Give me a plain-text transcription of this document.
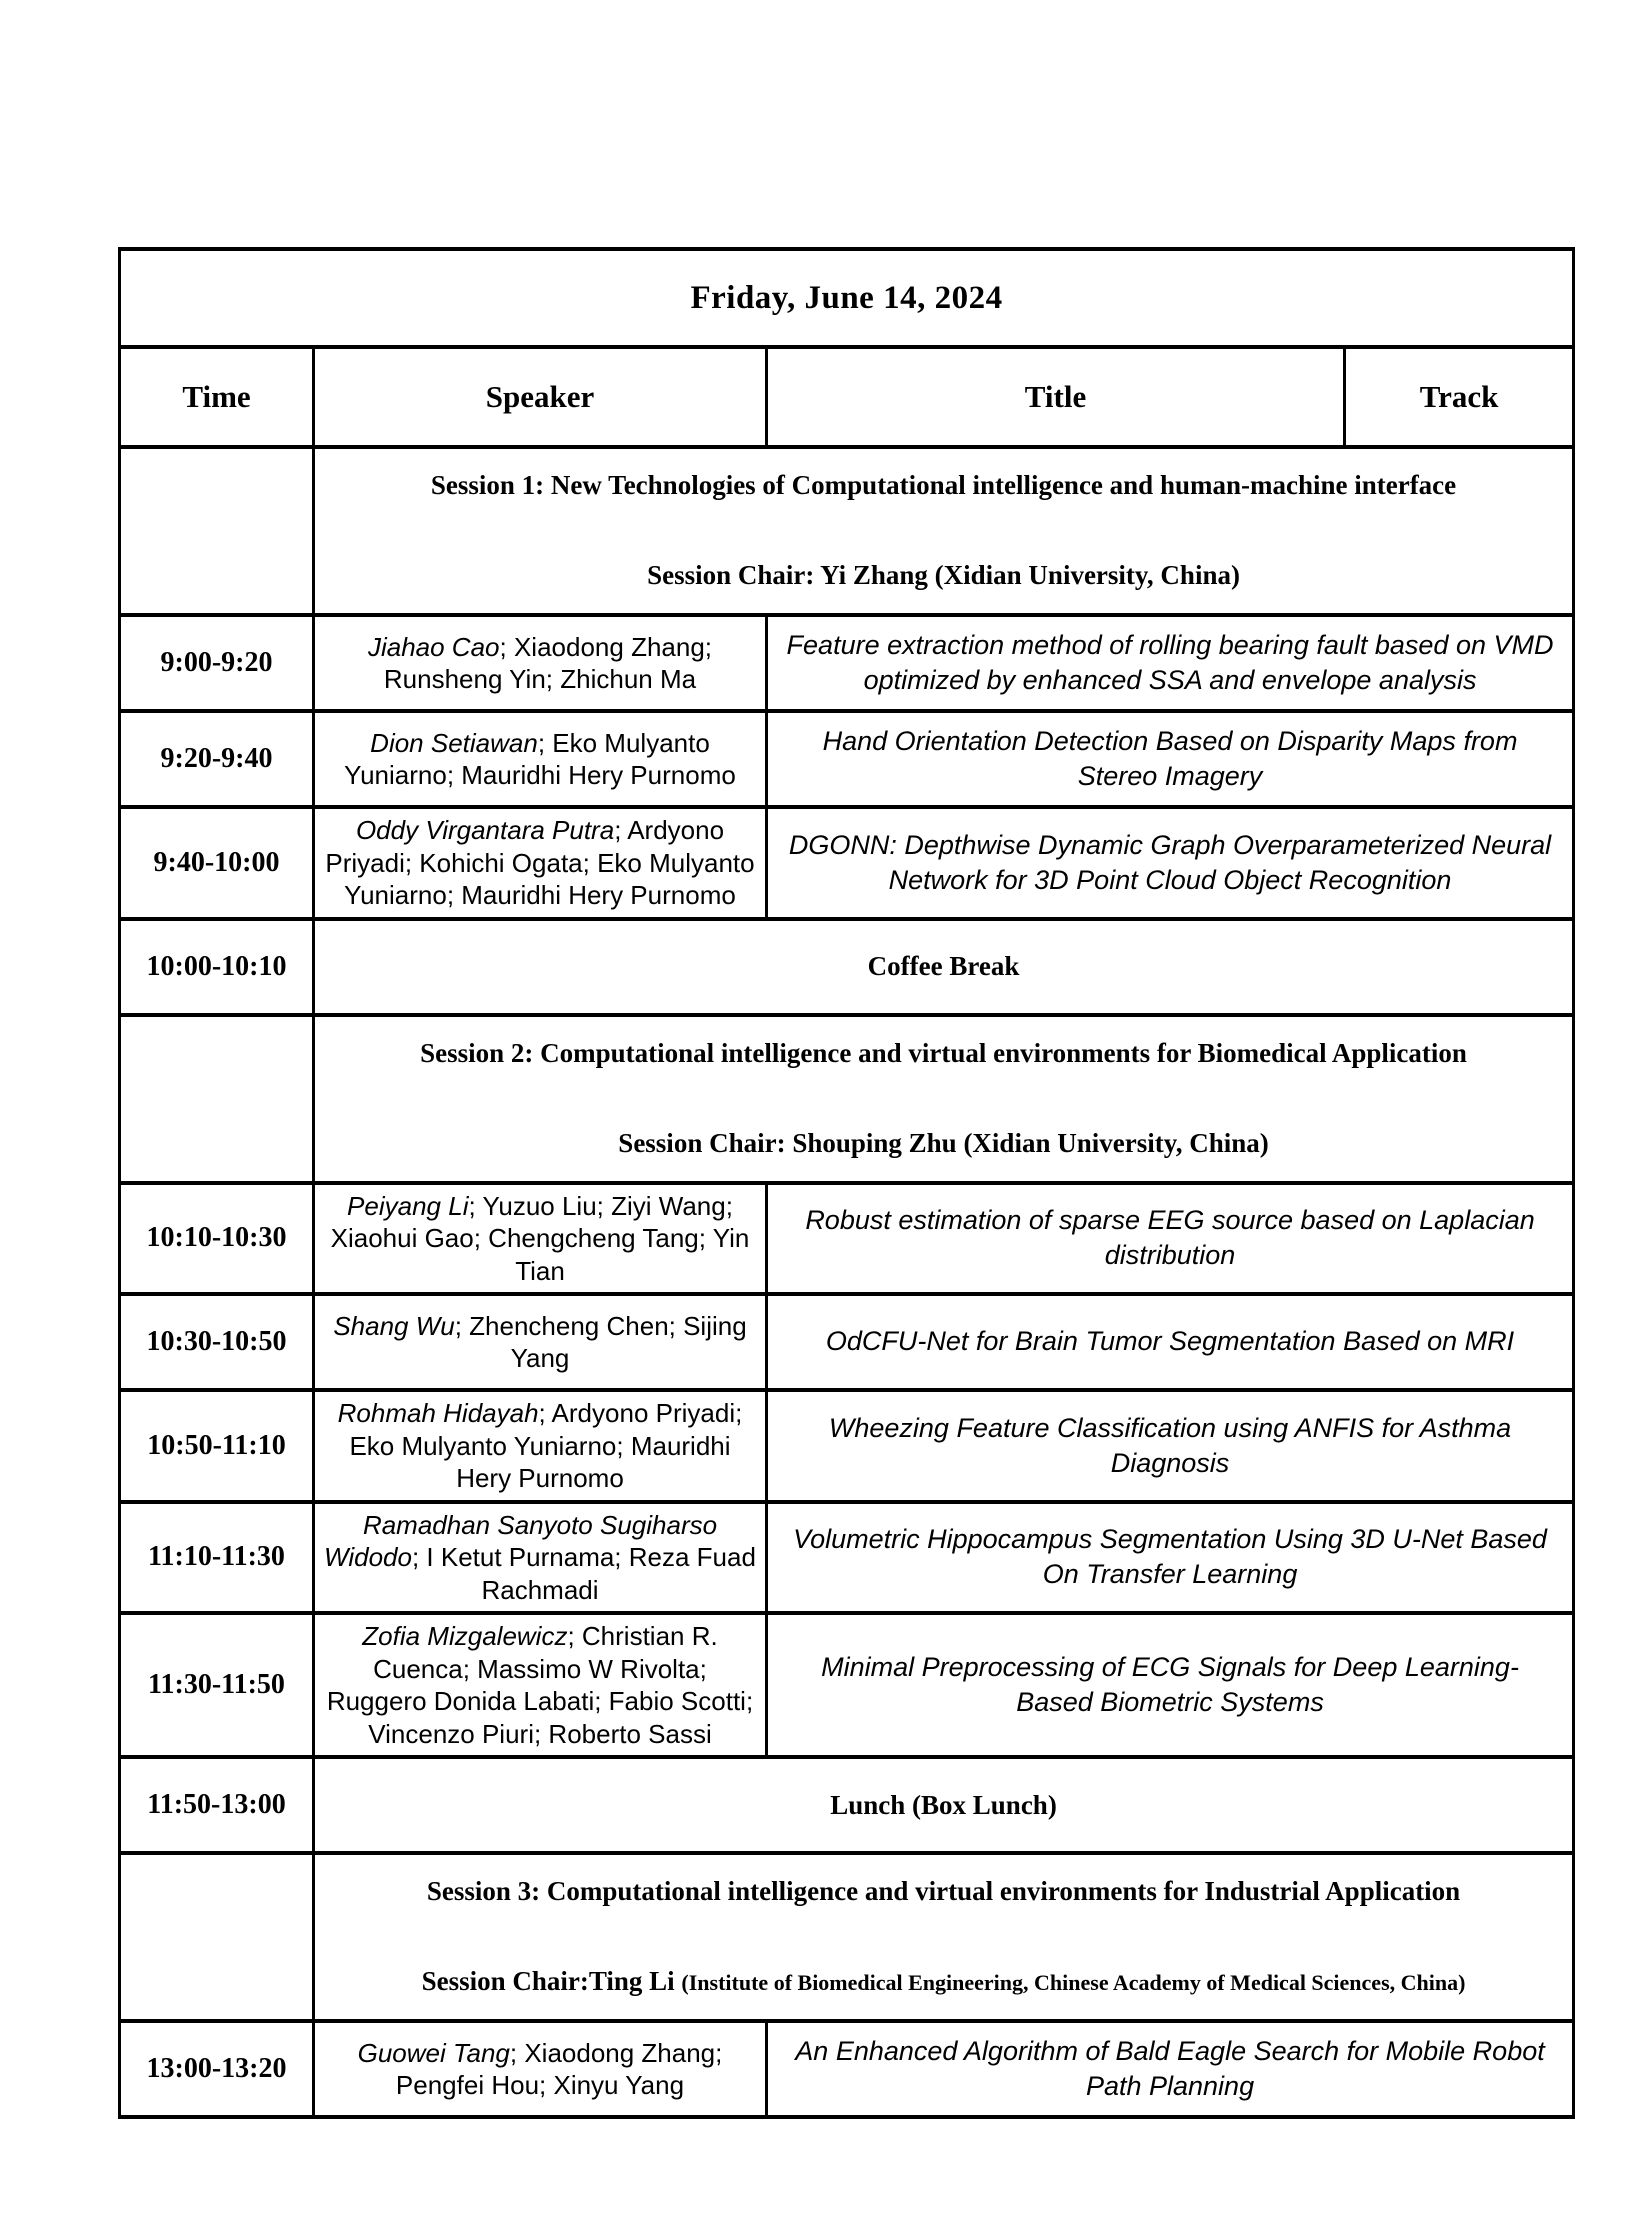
Friday, June 14, 2024			
Time	Speaker	Title	Track

	Session 1: New Technologies of Computational intelligence and human-machine interface
Session Chair: Yi Zhang (Xidian University, China)		

9:00-9:20	Jiahao Cao; Xiaodong Zhang; Runsheng Yin; Zhichun Ma	Feature extraction method of rolling bearing fault based on VMD optimized by enhanced SSA and envelope analysis	
9:20-9:40	Dion Setiawan; Eko Mulyanto Yuniarno; Mauridhi Hery Purnomo	Hand Orientation Detection Based on Disparity Maps from Stereo Imagery	
9:40-10:00	Oddy Virgantara Putra; Ardyono Priyadi; Kohichi Ogata; Eko Mulyanto Yuniarno; Mauridhi Hery Purnomo	DGONN: Depthwise Dynamic Graph Overparameterized Neural Network for 3D Point Cloud Object Recognition	
10:00-10:10	Coffee Break		

	Session 2: Computational intelligence and virtual environments for Biomedical Application
Session Chair: Shouping Zhu (Xidian University, China)		

10:10-10:30	Peiyang Li; Yuzuo Liu; Ziyi Wang; Xiaohui Gao; Chengcheng Tang; Yin Tian	Robust estimation of sparse EEG source based on Laplacian distribution	
10:30-10:50	Shang Wu; Zhencheng Chen; Sijing Yang	OdCFU-Net for Brain Tumor Segmentation Based on MRI	
10:50-11:10	Rohmah Hidayah; Ardyono Priyadi; Eko Mulyanto Yuniarno; Mauridhi Hery Purnomo	Wheezing Feature Classification using ANFIS for Asthma Diagnosis	
11:10-11:30	Ramadhan Sanyoto Sugiharso Widodo; I Ketut Purnama; Reza Fuad Rachmadi	Volumetric Hippocampus Segmentation Using 3D U-Net Based On Transfer Learning	
11:30-11:50	Zofia Mizgalewicz; Christian R. Cuenca; Massimo W Rivolta; Ruggero Donida Labati; Fabio Scotti; Vincenzo Piuri; Roberto Sassi	Minimal Preprocessing of ECG Signals for Deep Learning-Based Biometric Systems	
11:50-13:00	Lunch (Box Lunch)		

	Session 3: Computational intelligence and virtual environments for Industrial Application
Session Chair:Ting Li (Institute of Biomedical Engineering, Chinese Academy of Medical Sciences, China)		

13:00-13:20	Guowei Tang; Xiaodong Zhang; Pengfei Hou; Xinyu Yang	An Enhanced Algorithm of Bald Eagle Search for Mobile Robot Path Planning	
